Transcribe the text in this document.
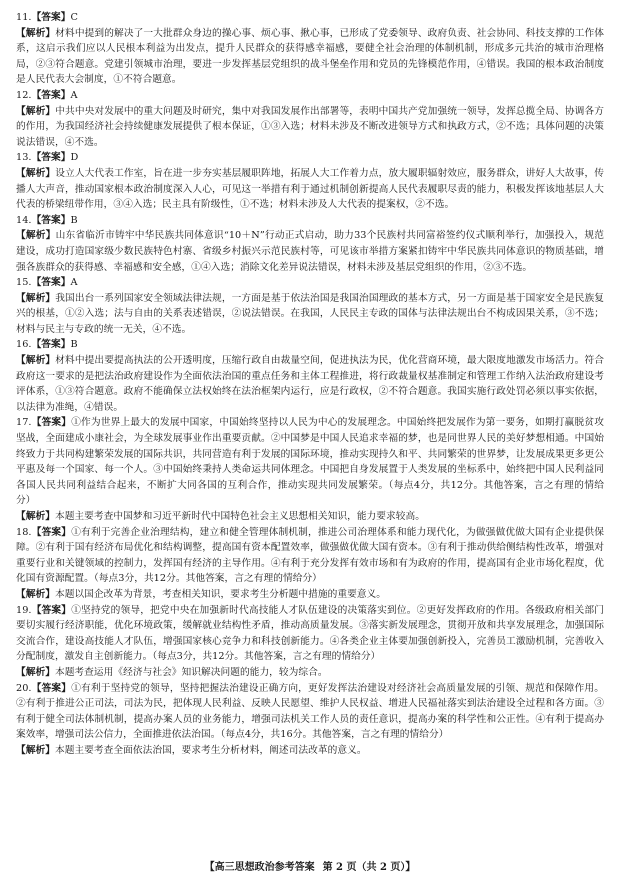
11.【答案】C
【解析】材料中提到的解决了一大批群众身边的操心事、烦心事、揪心事，已形成了党委领导、政府负责、社会协同、科技支撑的工作体系，这启示我们应以人民根本利益为出发点，提升人民群众的获得感幸福感，要健全社会治理的体制机制，形成多元共治的城市治理格局，②③符合题意。党建引领城市治理，要进一步发挥基层党组织的战斗堡垒作用和党员的先锋模范作用，④错误。我国的根本政治制度是人民代表大会制度，①不符合题意。
12.【答案】A
【解析】中共中央对发展中的重大问题及时研究，集中对我国发展作出部署等，表明中国共产党加强统一领导，发挥总揽全局、协调各方的作用，为我国经济社会持续健康发展提供了根本保证，①③入选；材料未涉及不断改进领导方式和执政方式，②不选；具体问题的决策说法错误，④不选。
13.【答案】D
【解析】设立人大代表工作室，旨在进一步夯实基层履职阵地，拓展人大工作着力点，放大履职辐射效应，服务群众，讲好人大故事，传播人大声音，推动国家根本政治制度深入人心，可见这一举措有利于通过机制创新提高人民代表履职尽责的能力，积极发挥该地基层人大代表的桥梁纽带作用，③④入选；民主具有阶级性，①不选；材料未涉及人大代表的提案权，②不选。
14.【答案】B
【解析】山东省临沂市铸牢中华民族共同体意识“10＋N”行动正式启动，助力33个民族村共同富裕签约仪式顺利举行，加强投入，规范建设，成功打造国家级少数民族特色村寨、省级乡村振兴示范民族村等，可见该市举措方案紧扣铸牢中华民族共同体意识的物质基础，增强各族群众的获得感、幸福感和安全感，①④入选；消除文化差异说法错误，材料未涉及基层党组织的作用，②③不选。
15.【答案】A
【解析】我国出台一系列国家安全领域法律法规，一方面是基于依法治国是我国治国理政的基本方式，另一方面是基于国家安全是民族复兴的根基，①②入选；法与自由的关系表述错误，②说法错误。在我国，人民民主专政的国体与法律法规出台不构成因果关系，③不选；材料与民主与专政的统一无关，④不选。
16.【答案】B
【解析】材料中提出要提高执法的公开透明度，压缩行政自由裁量空间，促进执法为民，优化营商环境，最大限度地激发市场活力。符合政府这一要求的是把法治政府建设作为全面依法治国的重点任务和主体工程推进，将行政裁量权基准制定和管理工作纳入法治政府建设考评体系，①③符合题意。政府不能确保立法权始终在法治框架内运行，应是行政权，②不符合题意。我国实施行政处罚必须以事实依据，以法律为准绳，④错误。
17.【答案】①作为世界上最大的发展中国家，中国始终坚持以人民为中心的发展理念。中国始终把发展作为第一要务，如期打赢脱贫攻坚战，全面建成小康社会，为全球发展事业作出重要贡献。②中国梦是中国人民追求幸福的梦，也是同世界人民的美好梦想相通。中国始终致力于共同构建繁荣发展的国际共识，共同营造有利于发展的国际环境，推动实现持久和平、共同繁荣的世界梦，让发展成果更多更公平惠及每一个国家、每一个人。③中国始终秉持人类命运共同体理念。中国把自身发展置于人类发展的坐标系中，始终把中国人民利益同各国人民共同利益结合起来，不断扩大同各国的互利合作，推动实现共同发展繁荣。（每点4分，共12分。其他答案，言之有理的情给分）
【解析】本题主要考查中国梦和习近平新时代中国特色社会主义思想相关知识，能力要求较高。
18.【答案】①有利于完善企业治理结构，建立和健全管理体制机制，推进公司治理体系和能力现代化，为做强做优做大国有企业提供保障。②有利于国有经济布局优化和结构调整，提高国有资本配置效率，做强做优做大国有资本。③有利于推动供给侧结构性改革，增强对重要行业和关键领域的控制力，发挥国有经济的主导作用。④有利于充分发挥有效市场和有为政府的作用，提高国有企业市场化程度，优化国有资源配置。（每点3分，共12分。其他答案，言之有理的情给分）
【解析】本题以国企改革为背景，考查相关知识，要求考生分析题中措施的重要意义。
19.【答案】①坚持党的领导，把党中央在加强新时代高技能人才队伍建设的决策落实到位。②更好发挥政府的作用。各级政府相关部门要切实履行经济职能，优化环境政策，缓解就业结构性矛盾，推动高质量发展。③落实新发展理念，贯彻开放和共享发展理念，加强国际交流合作，建设高技能人才队伍，增强国家核心竞争力和科技创新能力。④各类企业主体要加强创新投入，完善员工激励机制，完善收入分配制度，激发自主创新能力。（每点3分，共12分。其他答案，言之有理的情给分）
【解析】本题考查运用《经济与社会》知识解决问题的能力，较为综合。
20.【答案】①有利于坚持党的领导，坚持把握法治建设正确方向，更好发挥法治建设对经济社会高质量发展的引领、规范和保障作用。②有利于推进公正司法，司法为民，把体现人民利益、反映人民愿望、维护人民权益、增进人民福祉落实到法治建设全过程和各方面。③有利于健全司法体制机制，提高办案人员的业务能力，增强司法机关工作人员的责任意识，提高办案的科学性和公正性。④有利于提高办案效率，增强司法公信力，全面推进依法治国。（每点4分，共16分。其他答案，言之有理的情给分）
【解析】本题主要考查全面依法治国，要求考生分析材料，阐述司法改革的意义。
【高三思想政治参考答案 第 2 页（共 2 页）】
